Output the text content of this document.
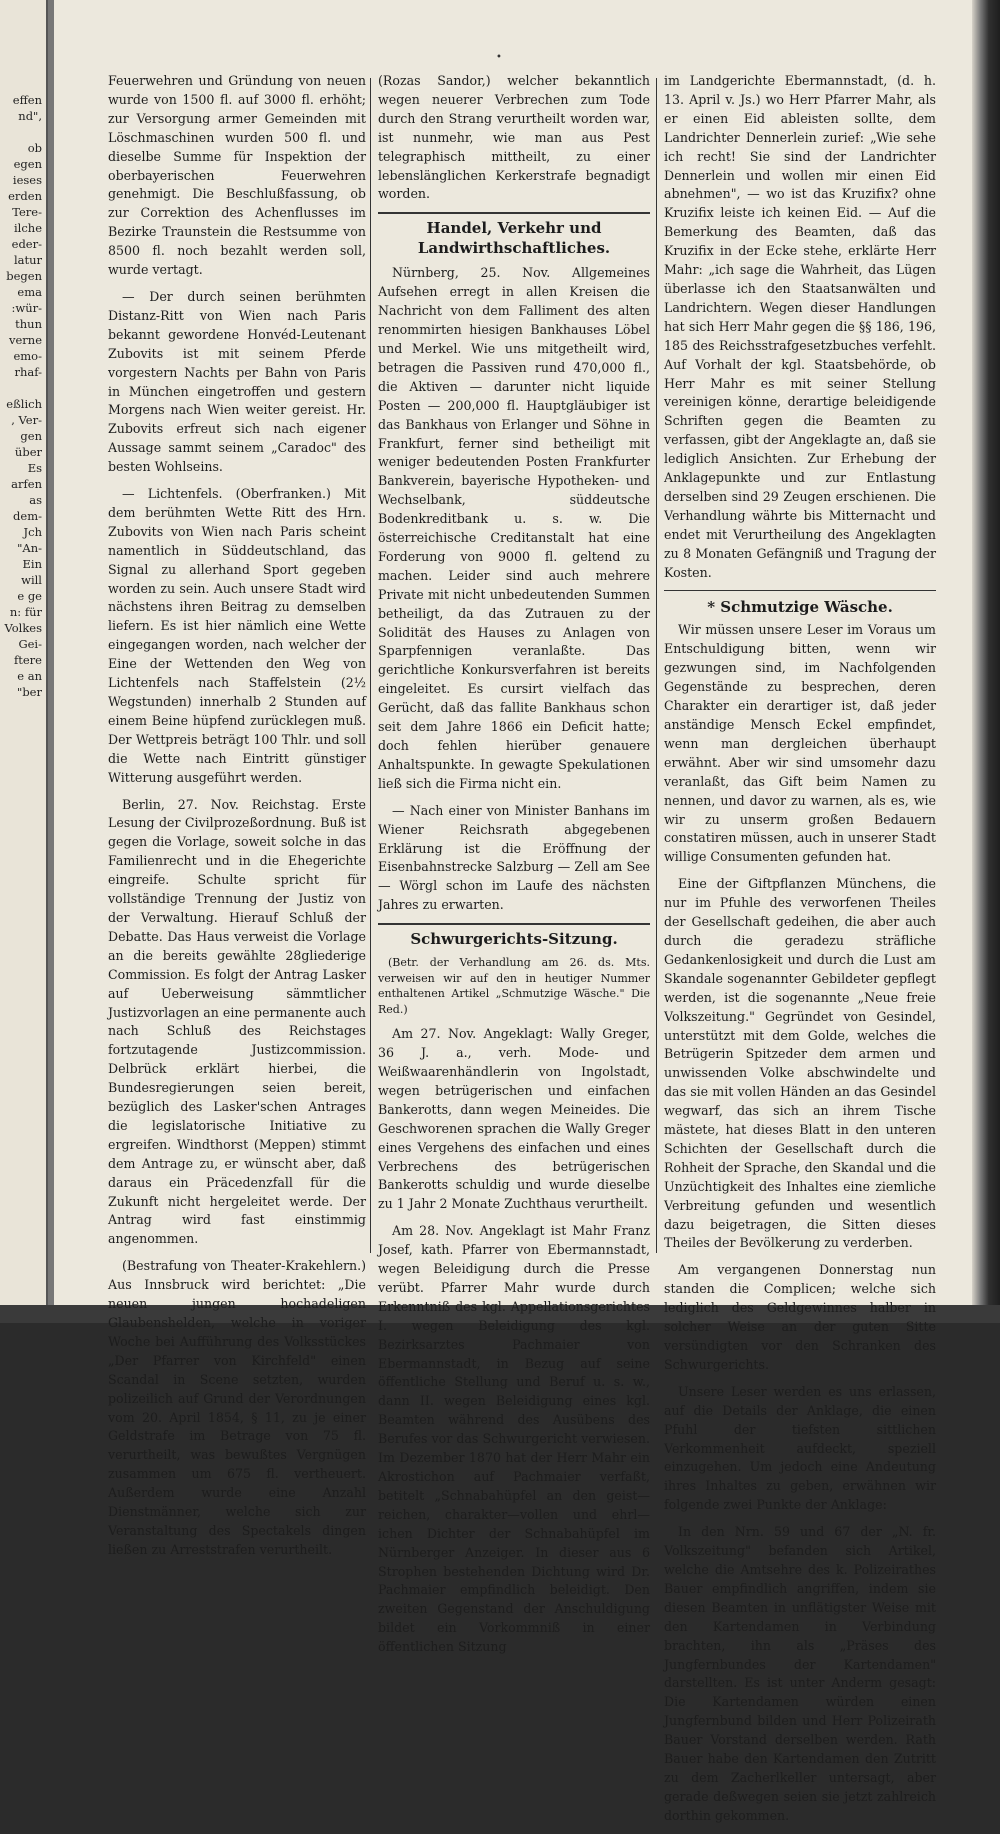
effen
nd",

ob
egen
ieses
erden
Tere-
ilche
eder-
latur
begen
ema
:wür-
thun
verne
emo-
rhaf-

eßlich
, Ver-
gen
über
Es
arfen
as
dem-
Jch
"An-
Ein
will
e ge
n: für
Volkes
Gei-
ftere
e an
"ber
•

Feuerwehren und Gründung von neuen wurde von 1500 fl. auf 3000 fl. erhöht; zur Versorgung armer Gemeinden mit Löschmaschinen wurden 500 fl. und dieselbe Summe für Inspektion der oberbayerischen Feuerwehren genehmigt. Die Beschlußfassung, ob zur Correktion des Achenflusses im Bezirke Traunstein die Restsumme von 8500 fl. noch bezahlt werden soll, wurde vertagt.

— Der durch seinen berühmten Distanz-Ritt von Wien nach Paris bekannt gewordene Honvéd-Leutenant Zubovits ist mit seinem Pferde vorgestern Nachts per Bahn von Paris in München eingetroffen und gestern Morgens nach Wien weiter gereist. Hr. Zubovits erfreut sich nach eigener Aussage sammt seinem „Caradoc" des besten Wohlseins.

— Lichtenfels. (Oberfranken.) Mit dem berühmten Wette Ritt des Hrn. Zubovits von Wien nach Paris scheint namentlich in Süddeutschland, das Signal zu allerhand Sport gegeben worden zu sein. Auch unsere Stadt wird nächstens ihren Beitrag zu demselben liefern. Es ist hier nämlich eine Wette eingegangen worden, nach welcher der Eine der Wettenden den Weg von Lichtenfels nach Staffelstein (2½ Wegstunden) innerhalb 2 Stunden auf einem Beine hüpfend zurücklegen muß. Der Wettpreis beträgt 100 Thlr. und soll die Wette nach Eintritt günstiger Witterung ausgeführt werden.

Berlin, 27. Nov. Reichstag. Erste Lesung der Civilprozeßordnung. Buß ist gegen die Vorlage, soweit solche in das Familienrecht und in die Ehegerichte eingreife. Schulte spricht für vollständige Trennung der Justiz von der Verwaltung. Hierauf Schluß der Debatte. Das Haus verweist die Vorlage an die bereits gewählte 28gliederige Commission. Es folgt der Antrag Lasker auf Ueberweisung sämmtlicher Justizvorlagen an eine permanente auch nach Schluß des Reichstages fortzutagende Justizcommission. Delbrück erklärt hierbei, die Bundesregierungen seien bereit, bezüglich des Lasker'schen Antrages die legislatorische Initiative zu ergreifen. Windthorst (Meppen) stimmt dem Antrage zu, er wünscht aber, daß daraus ein Präcedenzfall für die Zukunft nicht hergeleitet werde. Der Antrag wird fast einstimmig angenommen.

(Bestrafung von Theater-Krakehlern.) Aus Innsbruck wird berichtet: „Die neuen jungen hochadeligen Glaubenshelden, welche in voriger Woche bei Aufführung des Volksstückes „Der Pfarrer von Kirchfeld" einen Scandal in Scene setzten, wurden polizeilich auf Grund der Verordnungen vom 20. April 1854, § 11, zu je einer Geldstrafe im Betrage von 75 fl. verurtheilt, was bewußtes Vergnügen zusammen um 675 fl. vertheuert. Außerdem wurde eine Anzahl Dienstmänner, welche sich zur Veranstaltung des Spectakels dingen ließen zu Arreststrafen verurtheilt.

(Rozas Sandor,) welcher bekanntlich wegen neuerer Verbrechen zum Tode durch den Strang verurtheilt worden war, ist nunmehr, wie man aus Pest telegraphisch mittheilt, zu einer lebenslänglichen Kerkerstrafe begnadigt worden.

Handel, Verkehr und Landwirthschaftliches.

Nürnberg, 25. Nov. Allgemeines Aufsehen erregt in allen Kreisen die Nachricht von dem Falliment des alten renommirten hiesigen Bankhauses Löbel und Merkel. Wie uns mitgetheilt wird, betragen die Passiven rund 470,000 fl., die Aktiven — darunter nicht liquide Posten — 200,000 fl. Hauptgläubiger ist das Bankhaus von Erlanger und Söhne in Frankfurt, ferner sind betheiligt mit weniger bedeutenden Posten Frankfurter Bankverein, bayerische Hypotheken- und Wechselbank, süddeutsche Bodenkreditbank u. s. w. Die österreichische Creditanstalt hat eine Forderung von 9000 fl. geltend zu machen. Leider sind auch mehrere Private mit nicht unbedeutenden Summen betheiligt, da das Zutrauen zu der Solidität des Hauses zu Anlagen von Sparpfennigen veranlaßte. Das gerichtliche Konkursverfahren ist bereits eingeleitet. Es cursirt vielfach das Gerücht, daß das fallite Bankhaus schon seit dem Jahre 1866 ein Deficit hatte; doch fehlen hierüber genauere Anhaltspunkte. In gewagte Spekulationen ließ sich die Firma nicht ein.

— Nach einer von Minister Banhans im Wiener Reichsrath abgegebenen Erklärung ist die Eröffnung der Eisenbahnstrecke Salzburg — Zell am See — Wörgl schon im Laufe des nächsten Jahres zu erwarten.

Schwurgerichts-Sitzung.

(Betr. der Verhandlung am 26. ds. Mts. verweisen wir auf den in heutiger Nummer enthaltenen Artikel „Schmutzige Wäsche." Die Red.)

Am 27. Nov. Angeklagt: Wally Greger, 36 J. a., verh. Mode- und Weißwaarenhändlerin von Ingolstadt, wegen betrügerischen und einfachen Bankerotts, dann wegen Meineides. Die Geschworenen sprachen die Wally Greger eines Vergehens des einfachen und eines Verbrechens des betrügerischen Bankerotts schuldig und wurde dieselbe zu 1 Jahr 2 Monate Zuchthaus verurtheilt.

Am 28. Nov. Angeklagt ist Mahr Franz Josef, kath. Pfarrer von Ebermannstadt, wegen Beleidigung durch die Presse verübt. Pfarrer Mahr wurde durch Erkenntniß des kgl. Appellationsgerichtes I. wegen Beleidigung des kgl. Bezirksarztes Pachmaier von Ebermannstadt, in Bezug auf seine öffentliche Stellung und Beruf u. s. w., dann II. wegen Beleidigung eines kgl. Beamten während des Ausübens des Berufes vor das Schwurgericht verwiesen. Im Dezember 1870 hat der Herr Mahr ein Akrostichon auf Pachmaier verfaßt, betitelt „Schnabahüpfel an den geist—reichen, charakter—vollen und ehrl—ichen Dichter der Schnabahüpfel im Nürnberger Anzeiger. In dieser aus 6 Strophen bestehenden Dichtung wird Dr. Pachmaier empfindlich beleidigt. Den zweiten Gegenstand der Anschuldigung bildet ein Vorkommniß in einer öffentlichen Sitzung

im Landgerichte Ebermannstadt, (d. h. 13. April v. Js.) wo Herr Pfarrer Mahr, als er einen Eid ableisten sollte, dem Landrichter Dennerlein zurief: „Wie sehe ich recht! Sie sind der Landrichter Dennerlein und wollen mir einen Eid abnehmen", — wo ist das Kruzifix? ohne Kruzifix leiste ich keinen Eid. — Auf die Bemerkung des Beamten, daß das Kruzifix in der Ecke stehe, erklärte Herr Mahr: „ich sage die Wahrheit, das Lügen überlasse ich den Staatsanwälten und Landrichtern. Wegen dieser Handlungen hat sich Herr Mahr gegen die §§ 186, 196, 185 des Reichsstrafgesetzbuches verfehlt. Auf Vorhalt der kgl. Staatsbehörde, ob Herr Mahr es mit seiner Stellung vereinigen könne, derartige beleidigende Schriften gegen die Beamten zu verfassen, gibt der Angeklagte an, daß sie lediglich Ansichten. Zur Erhebung der Anklagepunkte und zur Entlastung derselben sind 29 Zeugen erschienen. Die Verhandlung währte bis Mitternacht und endet mit Verurtheilung des Angeklagten zu 8 Monaten Gefängniß und Tragung der Kosten.

* Schmutzige Wäsche.

Wir müssen unsere Leser im Voraus um Entschuldigung bitten, wenn wir gezwungen sind, im Nachfolgenden Gegenstände zu besprechen, deren Charakter ein derartiger ist, daß jeder anständige Mensch Eckel empfindet, wenn man dergleichen überhaupt erwähnt. Aber wir sind umsomehr dazu veranlaßt, das Gift beim Namen zu nennen, und davor zu warnen, als es, wie wir zu unserm großen Bedauern constatiren müssen, auch in unserer Stadt willige Consumenten gefunden hat.

Eine der Giftpflanzen Münchens, die nur im Pfuhle des verworfenen Theiles der Gesellschaft gedeihen, die aber auch durch die geradezu sträfliche Gedankenlosigkeit und durch die Lust am Skandale sogenannter Gebildeter gepflegt werden, ist die sogenannte „Neue freie Volkszeitung." Gegründet von Gesindel, unterstützt mit dem Golde, welches die Betrügerin Spitzeder dem armen und unwissenden Volke abschwindelte und das sie mit vollen Händen an das Gesindel wegwarf, das sich an ihrem Tische mästete, hat dieses Blatt in den unteren Schichten der Gesellschaft durch die Rohheit der Sprache, den Skandal und die Unzüchtigkeit des Inhaltes eine ziemliche Verbreitung gefunden und wesentlich dazu beigetragen, die Sitten dieses Theiles der Bevölkerung zu verderben.

Am vergangenen Donnerstag nun standen die Complicen; welche sich lediglich des Geldgewinnes halber in solcher Weise an der guten Sitte versündigten vor den Schranken des Schwurgerichts.

Unsere Leser werden es uns erlassen, auf die Details der Anklage, die einen Pfuhl der tiefsten sittlichen Verkommenheit aufdeckt, speziell einzugehen. Um jedoch eine Andeutung ihres Inhaltes zu geben, erwähnen wir folgende zwei Punkte der Anklage:

In den Nrn. 59 und 67 der „N. fr. Volkszeitung" befanden sich Artikel, welche die Amtsehre des k. Polizeirathes Bauer empfindlich angriffen, indem sie diesen Beamten in unflätigster Weise mit den Kartendamen in Verbindung brachten, ihn als „Präses des Jungfernbundes der Kartendamen" darstellten. Es ist unter Anderm gesagt: Die Kartendamen würden einen Jungfernbund bilden und Herr Polizeirath Bauer Vorstand derselben werden. Rath Bauer habe den Kartendamen den Zutritt zu dem Zacherlkeller untersagt, aber gerade deßwegen seien sie jetzt zahlreich dorthin gekommen.
